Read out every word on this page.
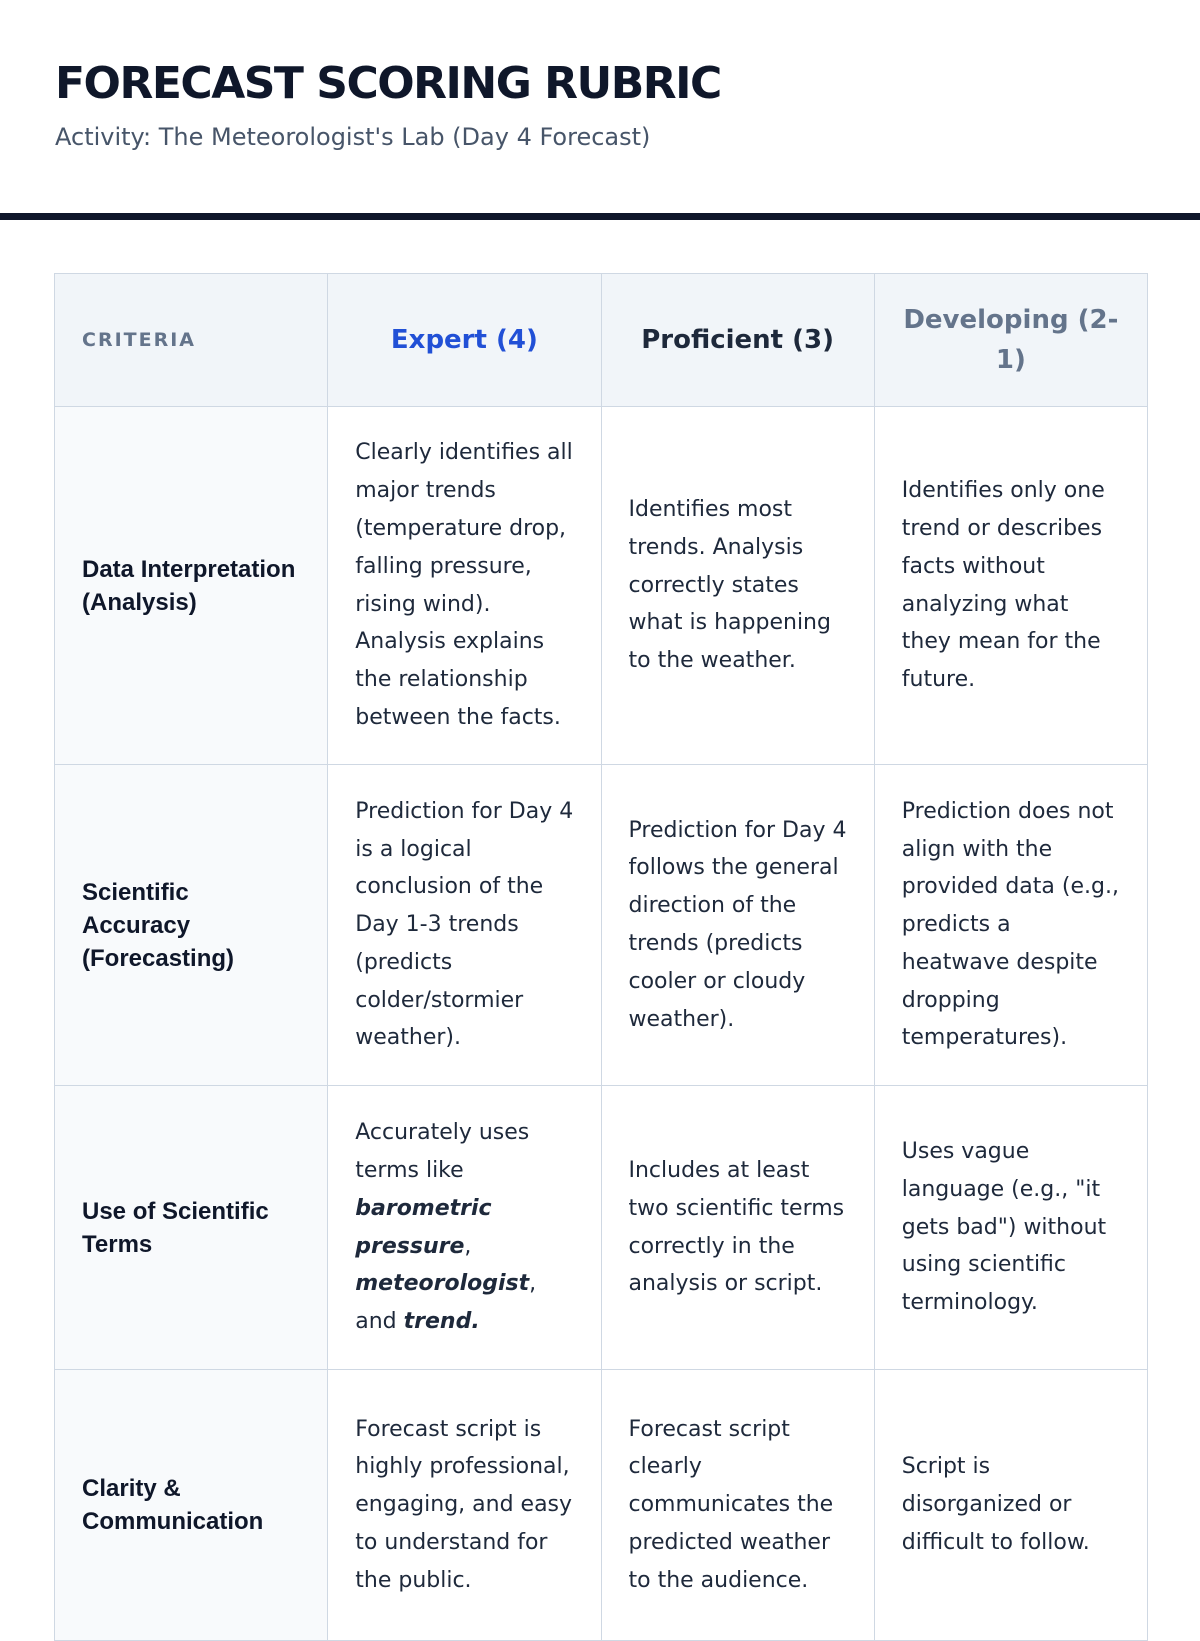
FORECAST SCORING RUBRIC

Activity: The Meteorologist's Lab (Day 4 Forecast)

CRITERIA	Expert (4)	Proficient (3)	Developing (2-1)
Data Interpretation (Analysis)	Clearly identifies all major trends (temperature drop, falling pressure, rising wind). Analysis explains the relationship between the facts.	Identifies most trends. Analysis correctly states what is happening to the weather.	Identifies only one trend or describes facts without analyzing what they mean for the future.
Scientific Accuracy (Forecasting)	Prediction for Day 4 is a logical conclusion of the Day 1-3 trends (predicts colder/stormier weather).	Prediction for Day 4 follows the general direction of the trends (predicts cooler or cloudy weather).	Prediction does not align with the provided data (e.g., predicts a heatwave despite dropping temperatures).
Use of Scientific Terms	Accurately uses terms like barometric pressure, meteorologist, and trend.	Includes at least two scientific terms correctly in the analysis or script.	Uses vague language (e.g., "it gets bad") without using scientific terminology.
Clarity & Communication	Forecast script is highly professional, engaging, and easy to understand for the public.	Forecast script clearly communicates the predicted weather to the audience.	Script is disorganized or difficult to follow.
